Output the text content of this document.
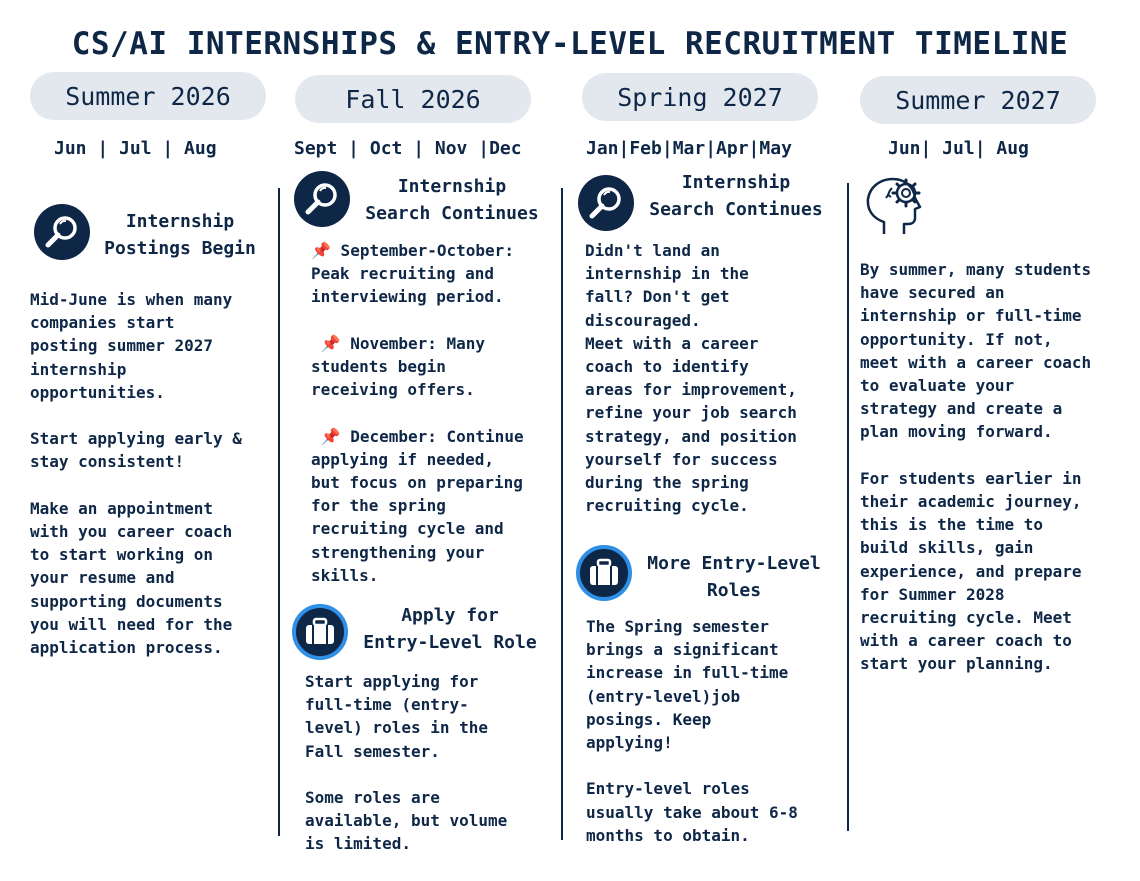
CS/AI INTERNSHIPS & ENTRY-LEVEL RECRUITMENT TIMELINE
Summer 2026	Fall 2026	Spring 2027	Summer 2027
Jun | Jul | Aug	Sept | Oct | Nov |Dec	Jan|Feb|Mar|Apr|May	Jun| Jul| Aug
Internship
Postings Begin
Mid-June is when many
companies start
posting summer 2027
internship
opportunities.

Start applying early &
stay consistent!

Make an appointment
with you career coach
to start working on
your resume and
supporting documents
you will need for the
application process.
Internship
Search Continues
📌 September-October:
Peak recruiting and
interviewing period.

📌 November: Many
students begin
receiving offers.

📌 December: Continue
applying if needed,
but focus on preparing
for the spring
recruiting cycle and
strengthening your
skills.
Apply for
Entry-Level Role
Start applying for
full-time (entry-
level) roles in the
Fall semester.

Some roles are
available, but volume
is limited.
Internship
Search Continues
Didn't land an
internship in the
fall? Don't get
discouraged.
Meet with a career
coach to identify
areas for improvement,
refine your job search
strategy, and position
yourself for success
during the spring
recruiting cycle.
More Entry-Level
Roles
The Spring semester
brings a significant
increase in full-time
(entry-level)job
posings. Keep
applying!

Entry-level roles
usually take about 6-8
months to obtain.
By summer, many students
have secured an
internship or full-time
opportunity. If not,
meet with a career coach
to evaluate your
strategy and create a
plan moving forward.

For students earlier in
their academic journey,
this is the time to
build skills, gain
experience, and prepare
for Summer 2028
recruiting cycle. Meet
with a career coach to
start your planning.
